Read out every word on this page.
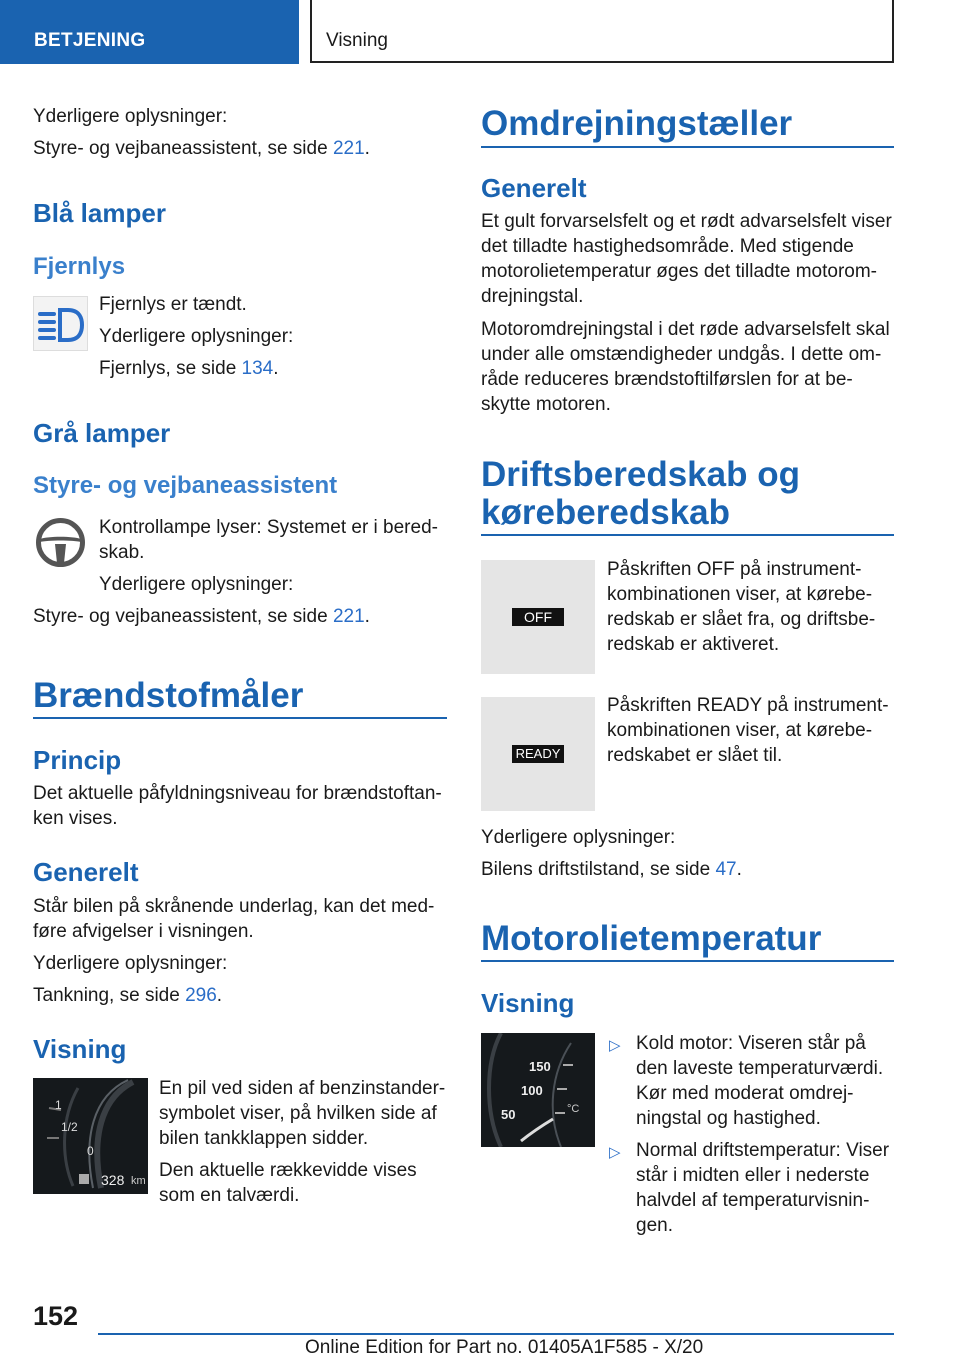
BETJENING	Visning

Yderligere oplysninger:

Styre- og vejbaneassistent, se side 221.

Blå lamper
Fjernlys

Fjernlys er tændt.

Yderligere oplysninger:

Fjernlys, se side 134.

Grå lamper
Styre- og vejbaneassistent

Kontrollampe lyser: Systemet er i bered-

skab.

Yderligere oplysninger:

Styre- og vejbaneassistent, se side 221.

Brændstofmåler
Princip

Det aktuelle påfyldningsniveau for brændstoftan-

ken vises.

Generelt

Står bilen på skrånende underlag, kan det med-

føre afvigelser i visningen.

Yderligere oplysninger:

Tankning, se side 296.

Visning
1
1/2
0
328 km

En pil ved siden af benzinstander-

symbolet viser, på hvilken side af

bilen tankklappen sidder.

Den aktuelle rækkevidde vises

som en talværdi.

Omdrejningstæller
Generelt

Et gult forvarselsfelt og et rødt advarselsfelt viser

det tilladte hastighedsområde. Med stigende

motorolietemperatur øges det tilladte motorom-

drejningstal.

Motoromdrejningstal i det røde advarselsfelt skal

under alle omstændigheder undgås. I dette om-

råde reduceres brændstoftilførslen for at be-

skytte motoren.

Driftsberedskab og
køreberedskab
OFF

Påskriften OFF på instrument-

kombinationen viser, at kørebe-

redskab er slået fra, og driftsbe-

redskab er aktiveret.

READY

Påskriften READY på instrument-

kombinationen viser, at kørebe-

redskabet er slået til.

Yderligere oplysninger:

Bilens driftstilstand, se side 47.

Motorolietemperatur
Visning
150
100
50	°C
▷ Kold motor: Viseren står på

den laveste temperaturværdi.

Kør med moderat omdrej-

ningstal og hastighed.

▷ Normal driftstemperatur: Viser

står i midten eller i nederste

halvdel af temperaturvisnin-

gen.

152
Online Edition for Part no. 01405A1F585 - X/20
